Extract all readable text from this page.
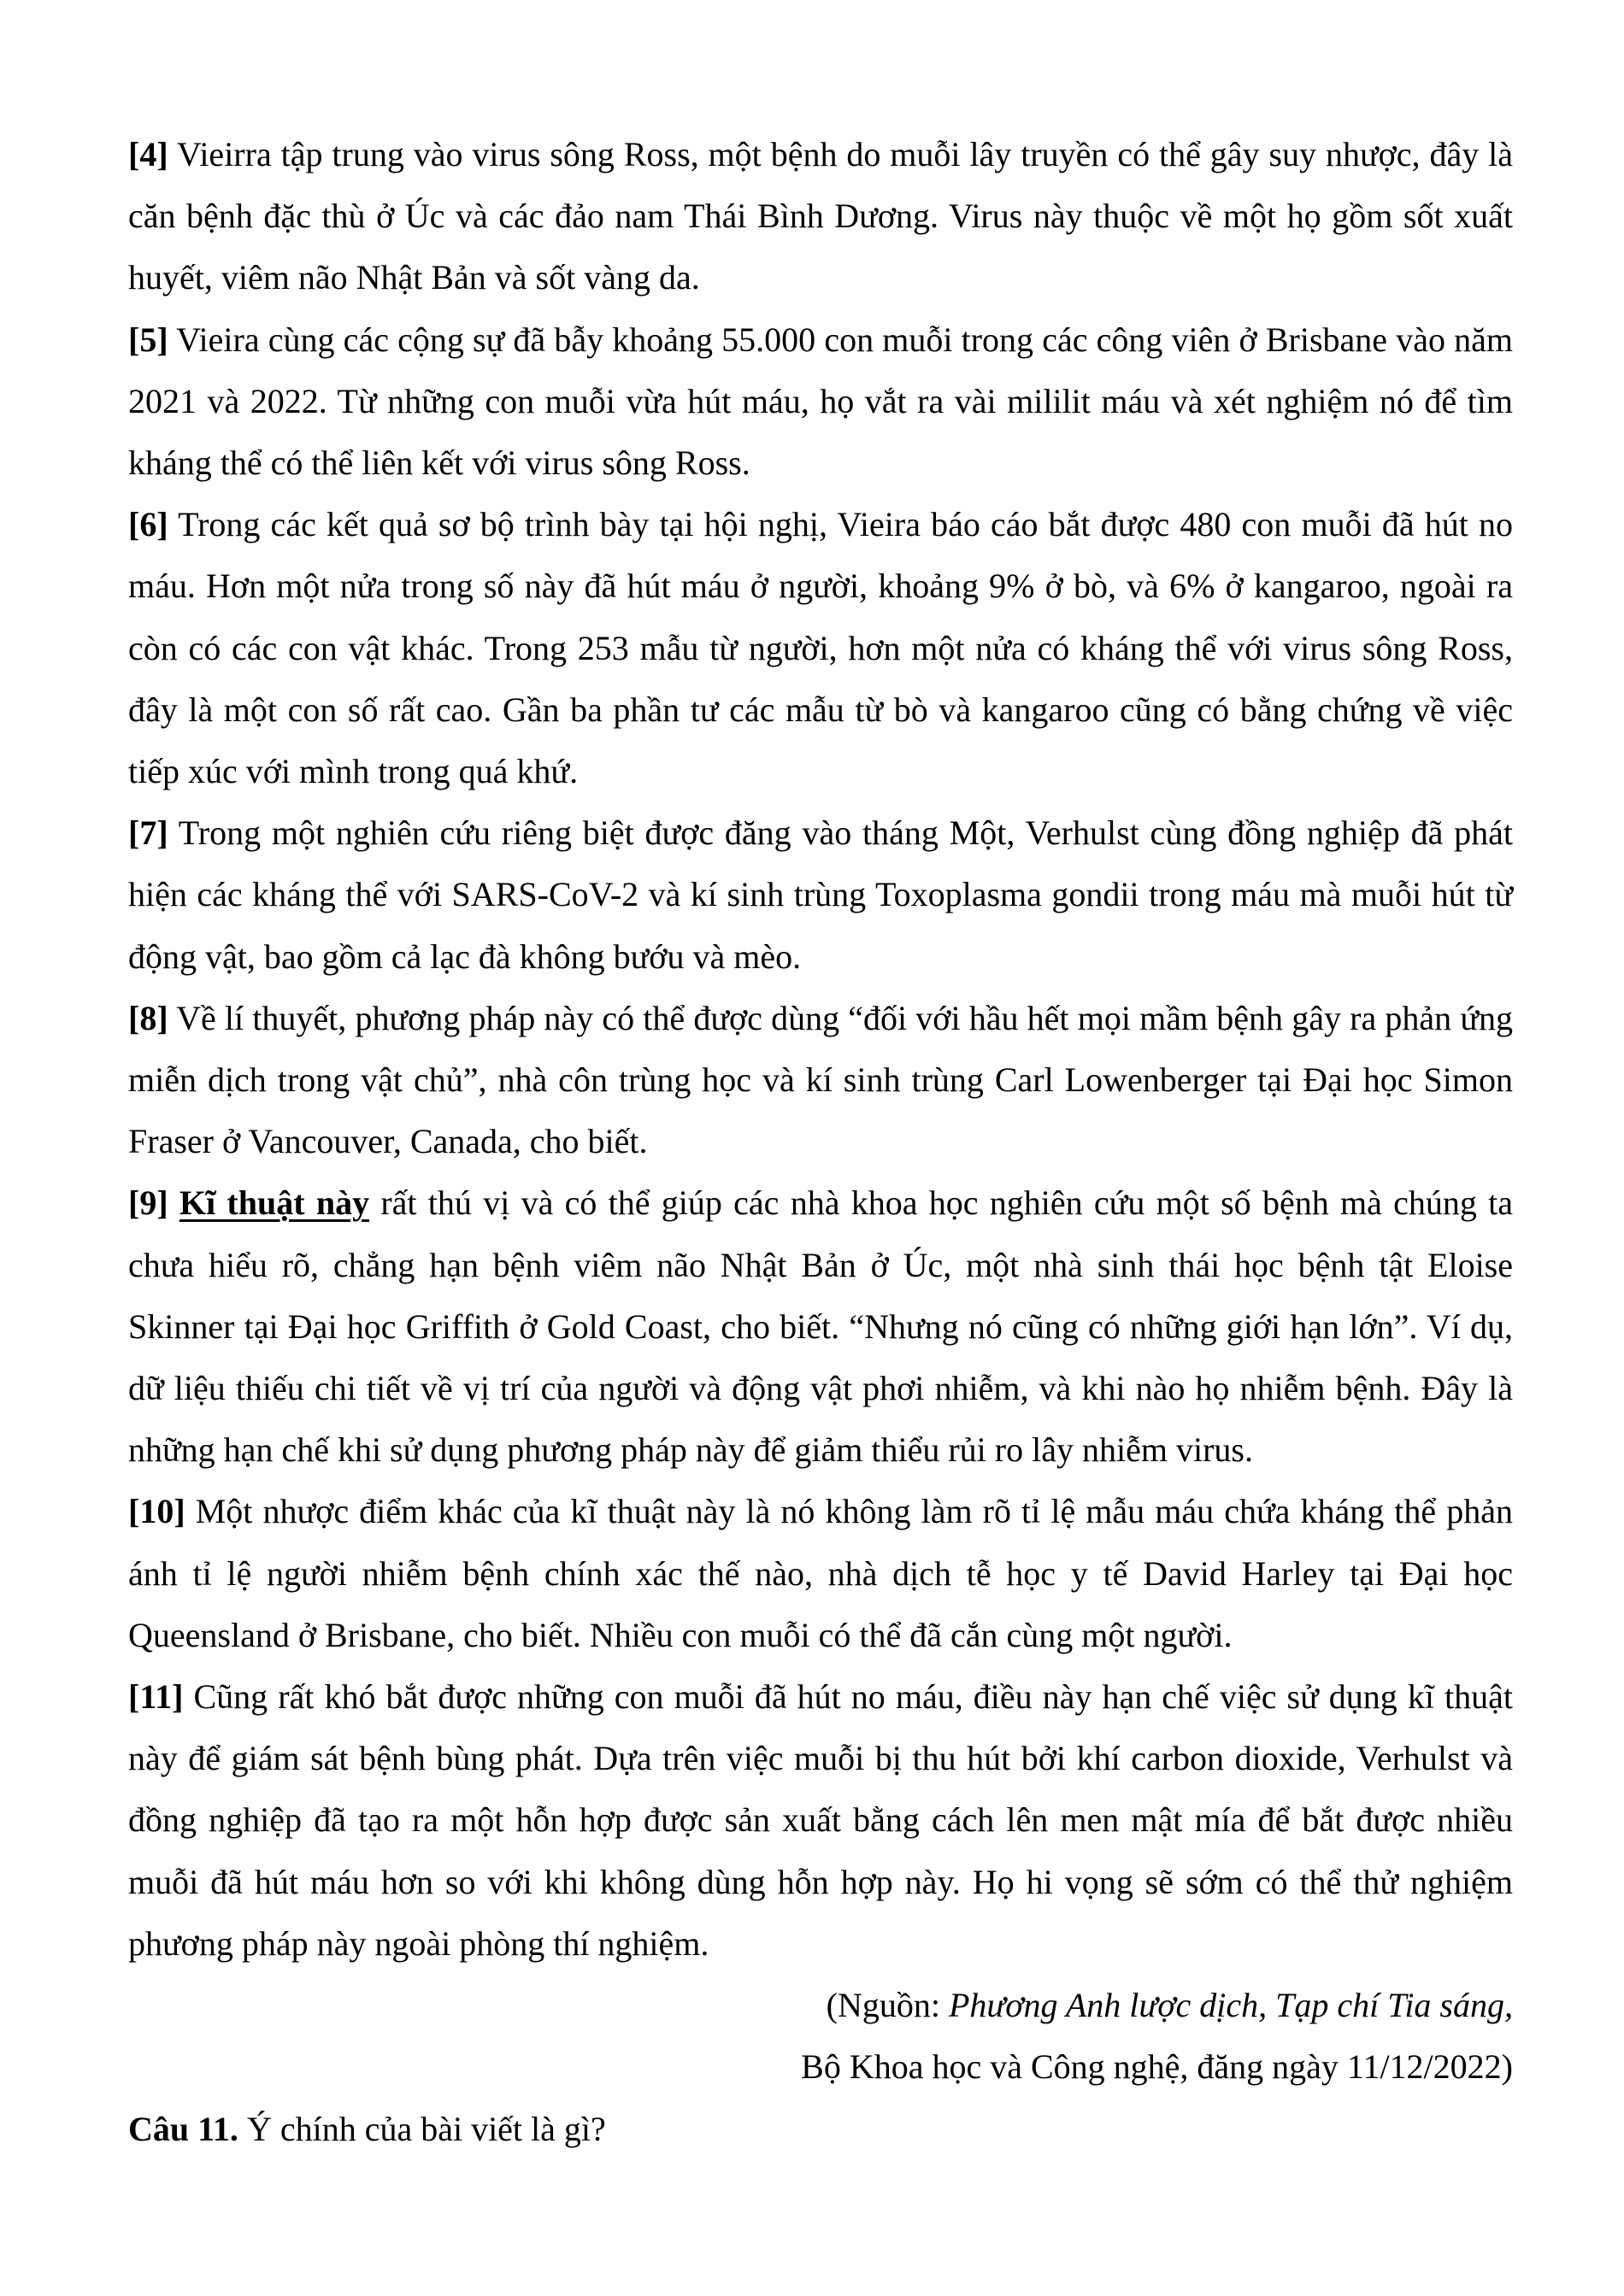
[4] Vieirra tập trung vào virus sông Ross, một bệnh do muỗi lây truyền có thể gây suy nhược, đây là căn bệnh đặc thù ở Úc và các đảo nam Thái Bình Dương. Virus này thuộc về một họ gồm sốt xuất huyết, viêm não Nhật Bản và sốt vàng da.

[5] Vieira cùng các cộng sự đã bẫy khoảng 55.000 con muỗi trong các công viên ở Brisbane vào năm 2021 và 2022. Từ những con muỗi vừa hút máu, họ vắt ra vài mililit máu và xét nghiệm nó để tìm kháng thể có thể liên kết với virus sông Ross.

[6] Trong các kết quả sơ bộ trình bày tại hội nghị, Vieira báo cáo bắt được 480 con muỗi đã hút no máu. Hơn một nửa trong số này đã hút máu ở người, khoảng 9% ở bò, và 6% ở kangaroo, ngoài ra còn có các con vật khác. Trong 253 mẫu từ người, hơn một nửa có kháng thể với virus sông Ross, đây là một con số rất cao. Gần ba phần tư các mẫu từ bò và kangaroo cũng có bằng chứng về việc tiếp xúc với mình trong quá khứ.

[7] Trong một nghiên cứu riêng biệt được đăng vào tháng Một, Verhulst cùng đồng nghiệp đã phát hiện các kháng thể với SARS-CoV-2 và kí sinh trùng Toxoplasma gondii trong máu mà muỗi hút từ động vật, bao gồm cả lạc đà không bướu và mèo.

[8] Về lí thuyết, phương pháp này có thể được dùng “đối với hầu hết mọi mầm bệnh gây ra phản ứng miễn dịch trong vật chủ”, nhà côn trùng học và kí sinh trùng Carl Lowenberger tại Đại học Simon Fraser ở Vancouver, Canada, cho biết.

[9] Kĩ thuật này rất thú vị và có thể giúp các nhà khoa học nghiên cứu một số bệnh mà chúng ta chưa hiểu rõ, chẳng hạn bệnh viêm não Nhật Bản ở Úc, một nhà sinh thái học bệnh tật Eloise Skinner tại Đại học Griffith ở Gold Coast, cho biết. “Nhưng nó cũng có những giới hạn lớn”. Ví dụ, dữ liệu thiếu chi tiết về vị trí của người và động vật phơi nhiễm, và khi nào họ nhiễm bệnh. Đây là những hạn chế khi sử dụng phương pháp này để giảm thiểu rủi ro lây nhiễm virus.

[10] Một nhược điểm khác của kĩ thuật này là nó không làm rõ tỉ lệ mẫu máu chứa kháng thể phản ánh tỉ lệ người nhiễm bệnh chính xác thế nào, nhà dịch tễ học y tế David Harley tại Đại học Queensland ở Brisbane, cho biết. Nhiều con muỗi có thể đã cắn cùng một người.

[11] Cũng rất khó bắt được những con muỗi đã hút no máu, điều này hạn chế việc sử dụng kĩ thuật này để giám sát bệnh bùng phát. Dựa trên việc muỗi bị thu hút bởi khí carbon dioxide, Verhulst và đồng nghiệp đã tạo ra một hỗn hợp được sản xuất bằng cách lên men mật mía để bắt được nhiều muỗi đã hút máu hơn so với khi không dùng hỗn hợp này. Họ hi vọng sẽ sớm có thể thử nghiệm phương pháp này ngoài phòng thí nghiệm.

(Nguồn: Phương Anh lược dịch, Tạp chí Tia sáng,

Bộ Khoa học và Công nghệ, đăng ngày 11/12/2022)

Câu 11. Ý chính của bài viết là gì?
